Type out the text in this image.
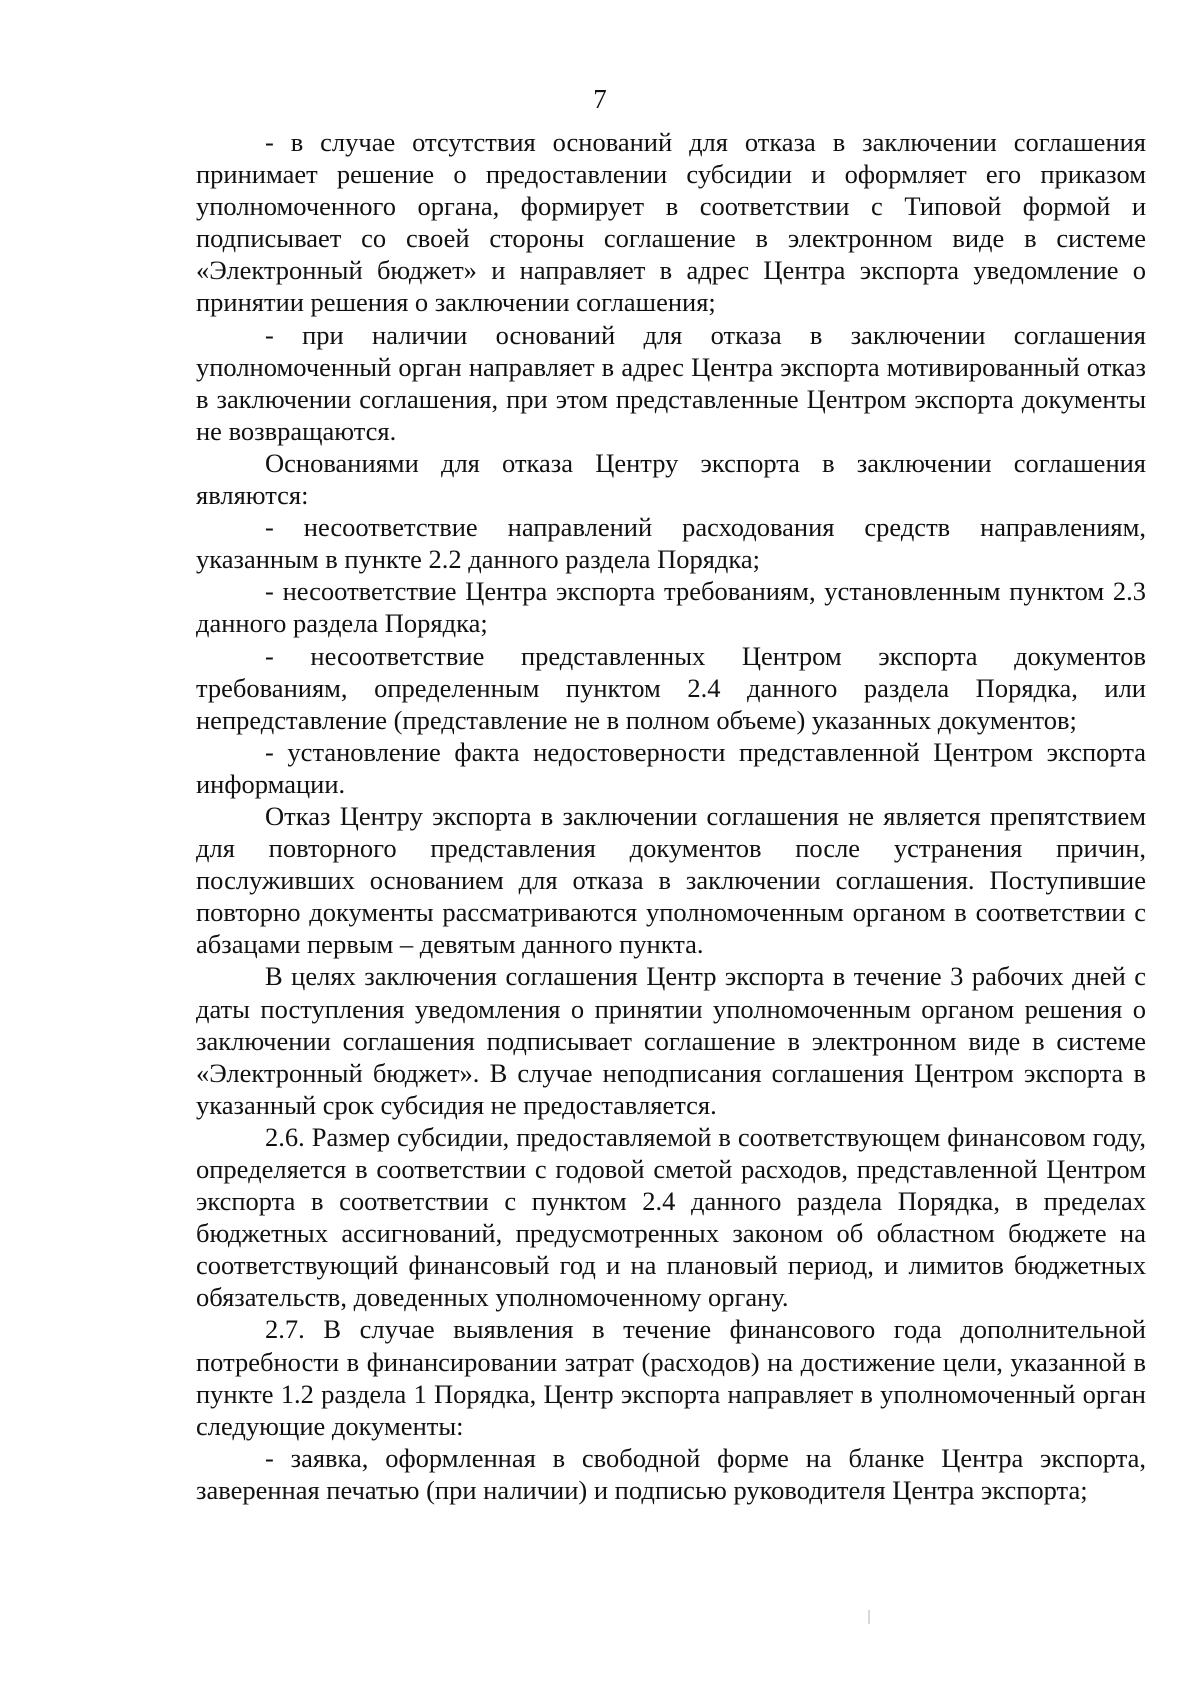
7

- в случае отсутствия оснований для отказа в заключении соглашения принимает решение о предоставлении субсидии и оформляет его приказом уполномоченного органа, формирует в соответствии с Типовой формой и подписывает со своей стороны соглашение в электронном виде в системе «Электронный бюджет» и направляет в адрес Центра экспорта уведомление о принятии решения о заключении соглашения;

- при наличии оснований для отказа в заключении соглашения уполномоченный орган направляет в адрес Центра экспорта мотивированный отказ в заключении соглашения, при этом представленные Центром экспорта документы не возвращаются.

Основаниями для отказа Центру экспорта в заключении соглашения являются:

- несоответствие направлений расходования средств направлениям, указанным в пункте 2.2 данного раздела Порядка;

- несоответствие Центра экспорта требованиям, установленным пунктом 2.3 данного раздела Порядка;

- несоответствие представленных Центром экспорта документов требованиям, определенным пунктом 2.4 данного раздела Порядка, или непредставление (представление не в полном объеме) указанных документов;

- установление факта недостоверности представленной Центром экспорта информации.

Отказ Центру экспорта в заключении соглашения не является препятствием для повторного представления документов после устранения причин, послуживших основанием для отказа в заключении соглашения. Поступившие повторно документы рассматриваются уполномоченным органом в соответствии с абзацами первым – девятым данного пункта.

В целях заключения соглашения Центр экспорта в течение 3 рабочих дней с даты поступления уведомления о принятии уполномоченным органом решения о заключении соглашения подписывает соглашение в электронном виде в системе «Электронный бюджет». В случае неподписания соглашения Центром экспорта в указанный срок субсидия не предоставляется.

2.6. Размер субсидии, предоставляемой в соответствующем финансовом году, определяется в соответствии с годовой сметой расходов, представленной Центром экспорта в соответствии с пунктом 2.4 данного раздела Порядка, в пределах бюджетных ассигнований, предусмотренных законом об областном бюджете на соответствующий финансовый год и на плановый период, и лимитов бюджетных обязательств, доведенных уполномоченному органу.

2.7. В случае выявления в течение финансового года дополнительной потребности в финансировании затрат (расходов) на достижение цели, указанной в пункте 1.2 раздела 1 Порядка, Центр экспорта направляет в уполномоченный орган следующие документы:

- заявка, оформленная в свободной форме на бланке Центра экспорта, заверенная печатью (при наличии) и подписью руководителя Центра экспорта;
